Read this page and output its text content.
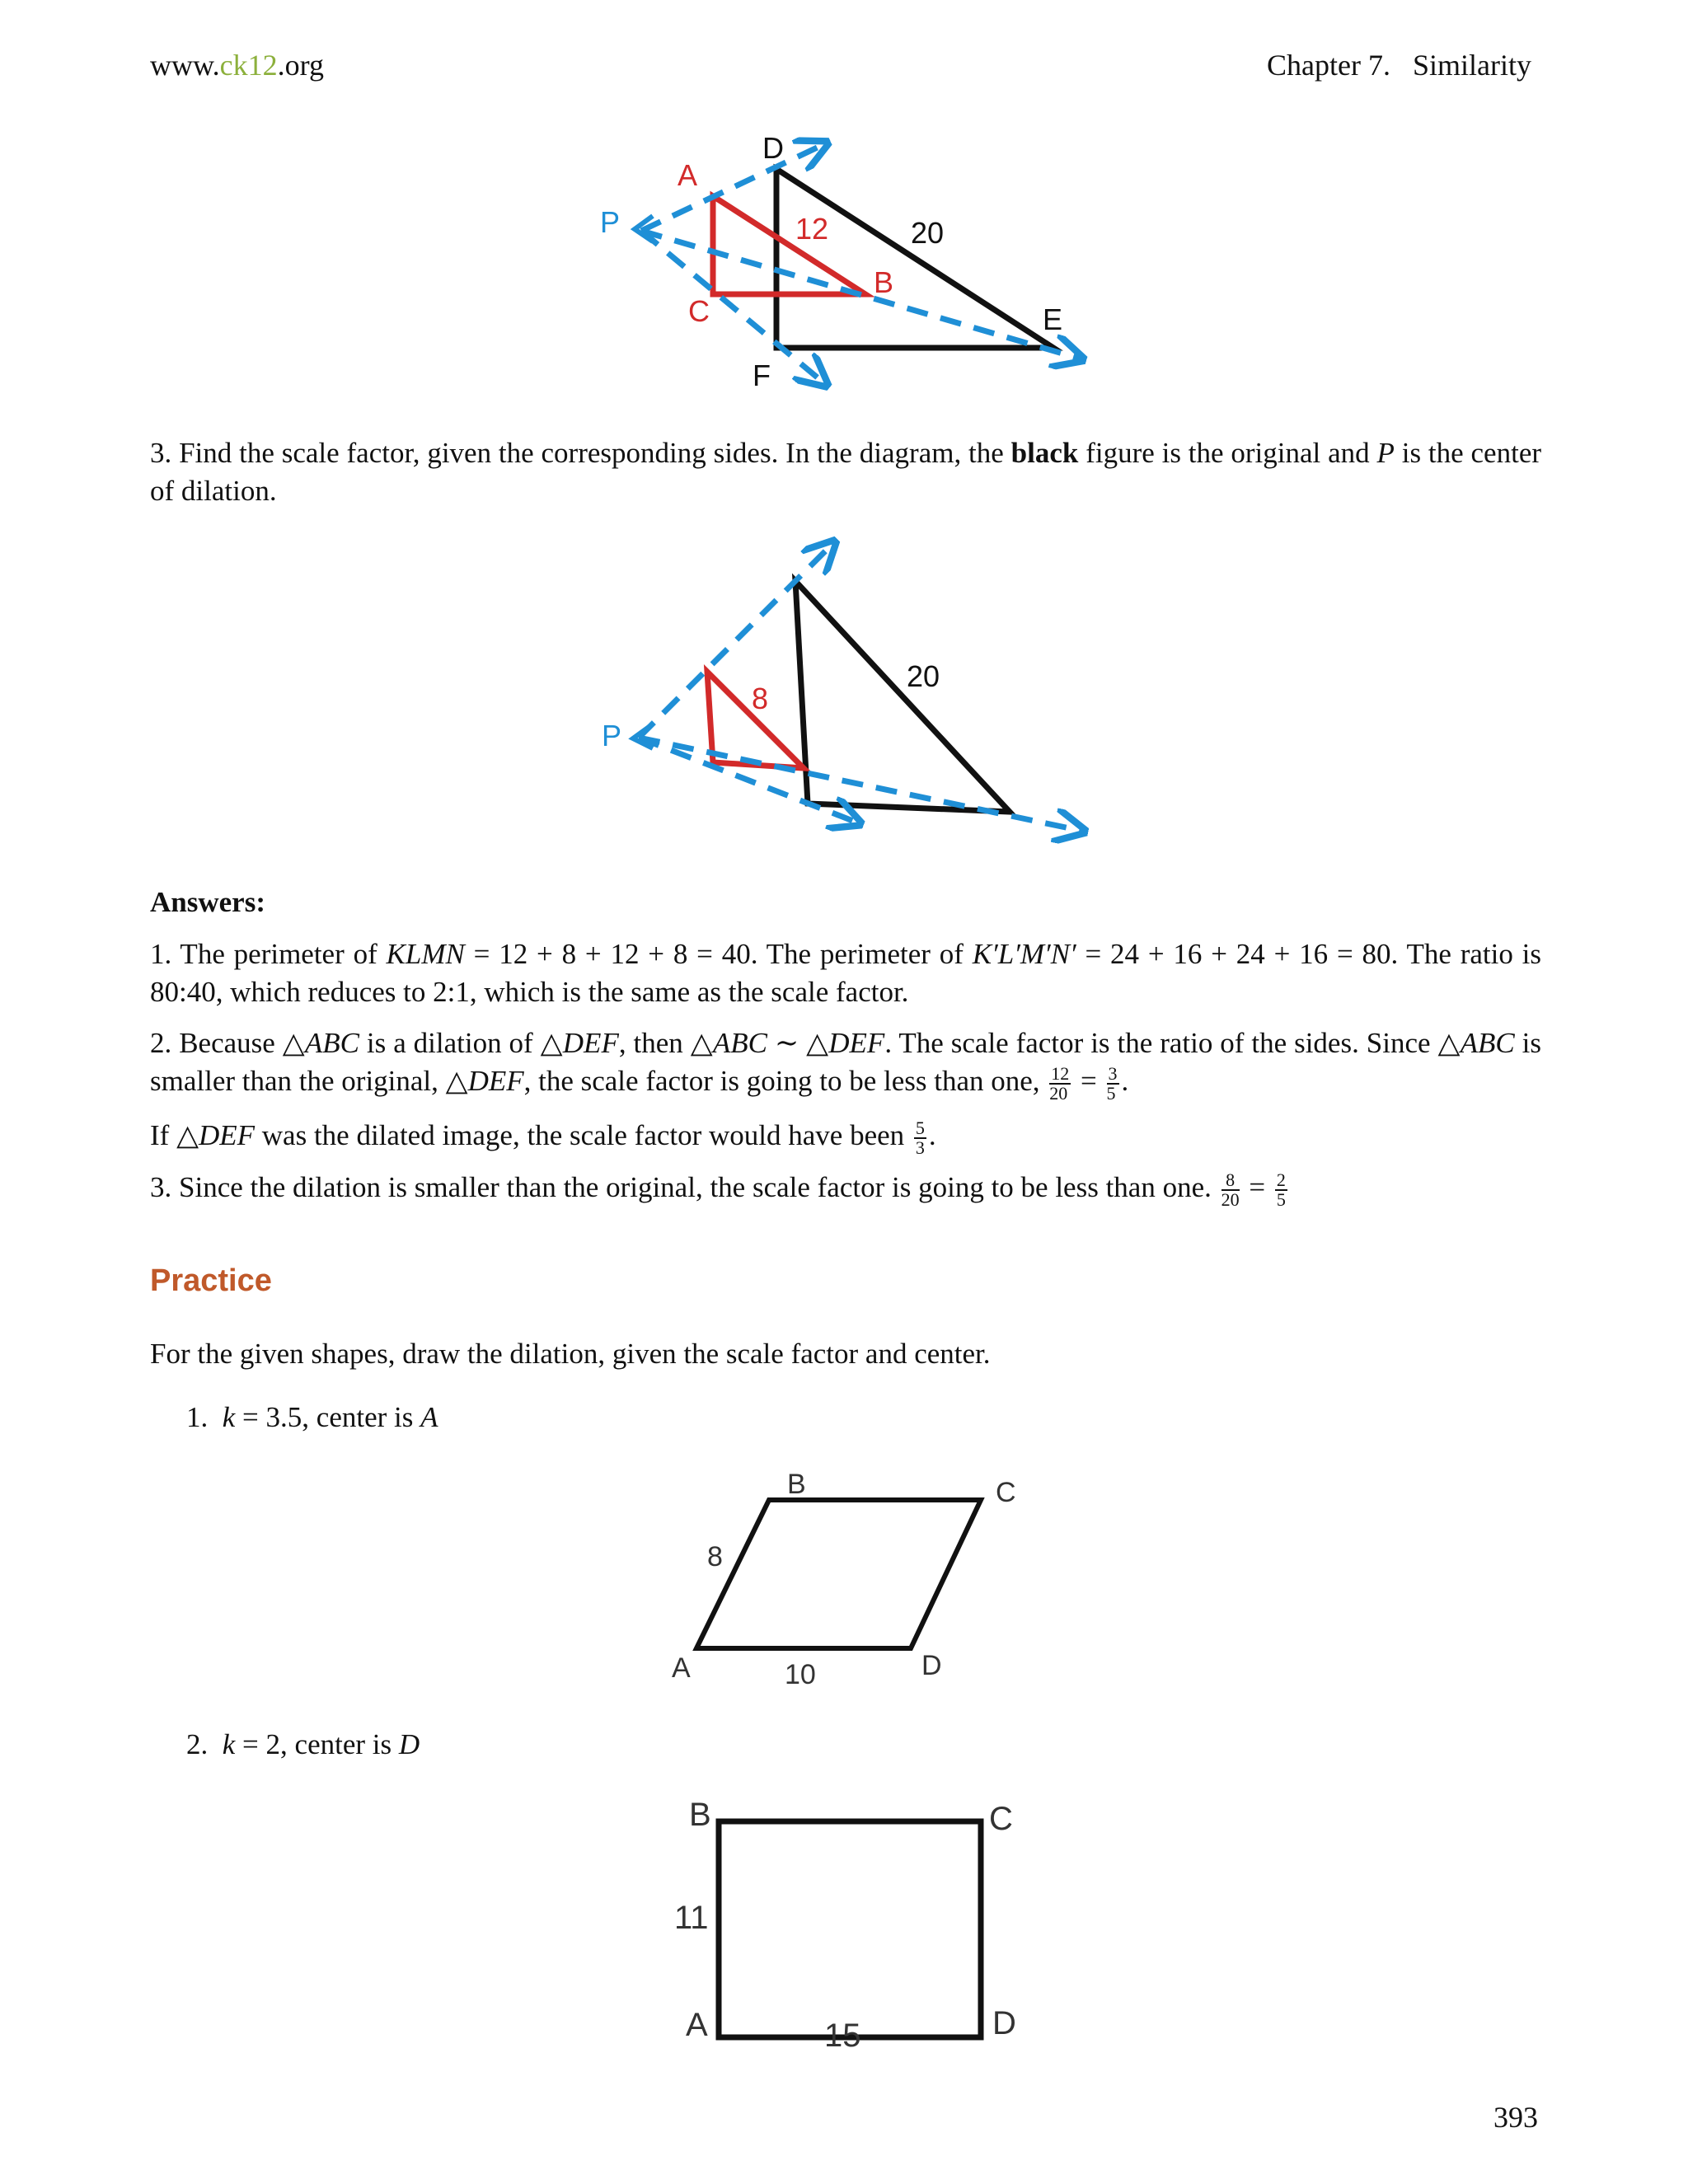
www.ck12.org	Chapter 7.   Similarity
D
A
P	12	20
B
C	E
F
3. Find the scale factor, given the corresponding sides. In the diagram, the black figure is the original and P is the center of dilation.
P
8
20
Answers:
1. The perimeter of KLMN = 12 + 8 + 12 + 8 = 40. The perimeter of K′L′M′N′ = 24 + 16 + 24 + 16 = 80. The ratio is 80:40, which reduces to 2:1, which is the same as the scale factor.
2. Because △ABC is a dilation of △DEF, then △ABC ∼ △DEF. The scale factor is the ratio of the sides. Since △ABC is smaller than the original, △DEF, the scale factor is going to be less than one, $\frac{12}{20} = \frac{3}{5}$ .
If △DEF was the dilated image, the scale factor would have been $\frac{5}{3}$ .
3. Since the dilation is smaller than the original, the scale factor is going to be less than one. $\frac{8}{20} = \frac{2}{5}$
Practice
For the given shapes, draw the dilation, given the scale factor and center.
1. k = 3.5, center is A
B	C
8
A	10	D
2. k = 2, center is D
B	C
11
A	15	D
393
